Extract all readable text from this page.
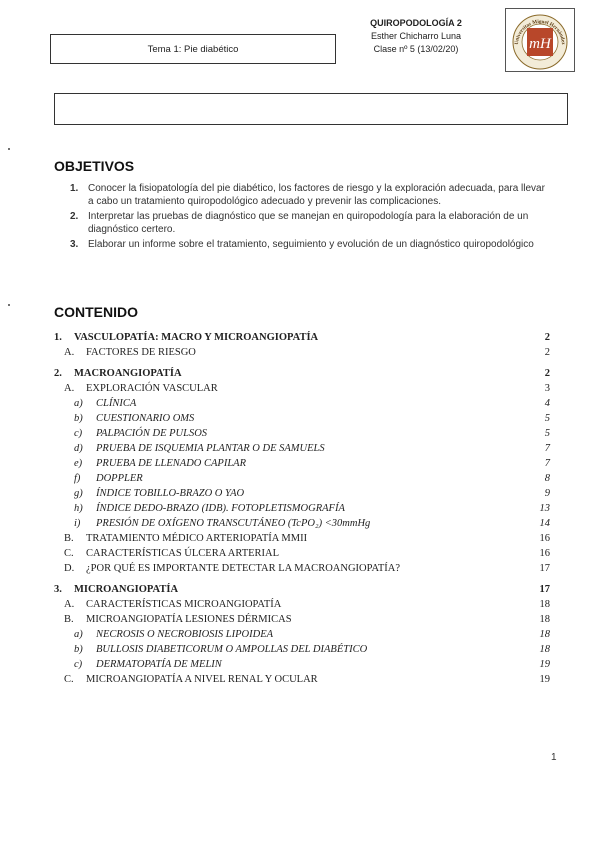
Tema 1: Pie diabético
QUIROPODOLOGÍA 2
Esther Chicharro Luna
Clase nº 5 (13/02/20)	mH
Universitas Miguel Hernández
OBJETIVOS
1. Conocer la fisiopatología del pie diabético, los factores de riesgo y la exploración adecuada, para llevar a cabo un tratamiento quiropodológico adecuado y prevenir las complicaciones.
2. Interpretar las pruebas de diagnóstico que se manejan en quiropodología para la elaboración de un diagnóstico certero.
3. Elaborar un informe sobre el tratamiento, seguimiento y evolución de un diagnóstico quiropodológico
CONTENIDO
1.	VASCULOPATÍA: MACRO Y MICROANGIOPATÍA	2
A.	FACTORES DE RIESGO	2
2.	MACROANGIOPATÍA	2
A.	EXPLORACIÓN VASCULAR	3
a)	CLÍNICA	4
b)	CUESTIONARIO OMS	5
c)	PALPACIÓN DE PULSOS	5
d)	PRUEBA DE ISQUEMIA PLANTAR O DE SAMUELS	7
e)	PRUEBA DE LLENADO CAPILAR	7
f)	DOPPLER	8
g)	ÍNDICE TOBILLO-BRAZO O YAO	9
h)	ÍNDICE DEDO-BRAZO (IDB). FOTOPLETISMOGRAFÍA	13
i)	PRESIÓN DE OXÍGENO TRANSCUTÁNEO (TcPO₂) <30mmHg	14
B.	TRATAMIENTO MÉDICO ARTERIOPATÍA MMII	16
C.	CARACTERÍSTICAS ÚLCERA ARTERIAL	16
D.	¿POR QUÉ ES IMPORTANTE DETECTAR LA MACROANGIOPATÍA?	17
3.	MICROANGIOPATÍA	17
A.	CARACTERÍSTICAS MICROANGIOPATÍA	18
B.	MICROANGIOPATÍA LESIONES DÉRMICAS	18
a)	NECROSIS O NECROBIOSIS LIPOIDEA	18
b)	BULLOSIS DIABETICORUM O AMPOLLAS DEL DIABÉTICO	18
c)	DERMATOPATÍA DE MELIN	19
C.	MICROANGIOPATÍA A NIVEL RENAL Y OCULAR	19
1
